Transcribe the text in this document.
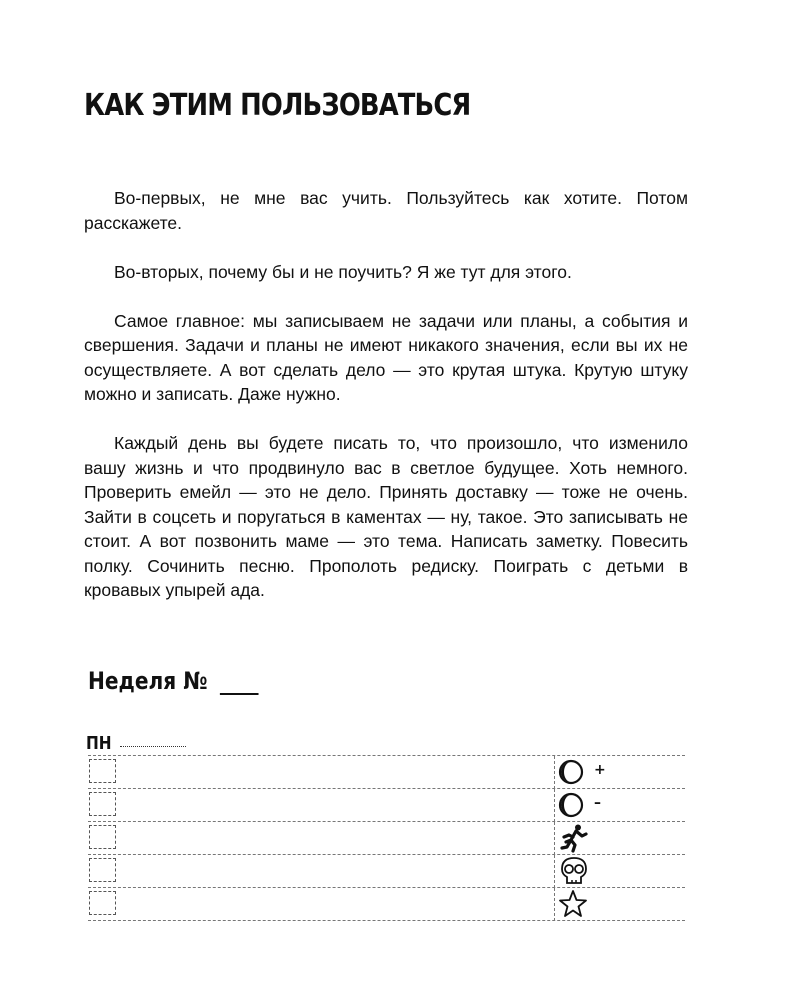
КАК ЭТИМ ПОЛЬЗОВАТЬСЯ

Во-первых, не мне вас учить. Пользуйтесь как хотите. Потом расскажете.

Во-вторых, почему бы и не поучить? Я же тут для этого.

Самое главное: мы записываем не задачи или планы, а события и свершения. Задачи и планы не имеют никакого значения, если вы их не осуществляете. А вот сделать дело — это крутая штука. Крутую штуку можно и записать. Даже нужно.

Каждый день вы будете писать то, что произошло, что изменило вашу жизнь и что продвинуло вас в светлое будущее. Хоть немного. Проверить емейл — это не дело. Принять доставку — тоже не очень. Зайти в соцсеть и поругаться в каментах — ну, такое. Это записывать не стоит. А вот позвонить маме — это тема. Написать заметку. Повесить полку. Сочинить песню. Прополоть редиску. Поиграть с детьми в кровавых упырей ада.

Неделя №
ПН
+
–
